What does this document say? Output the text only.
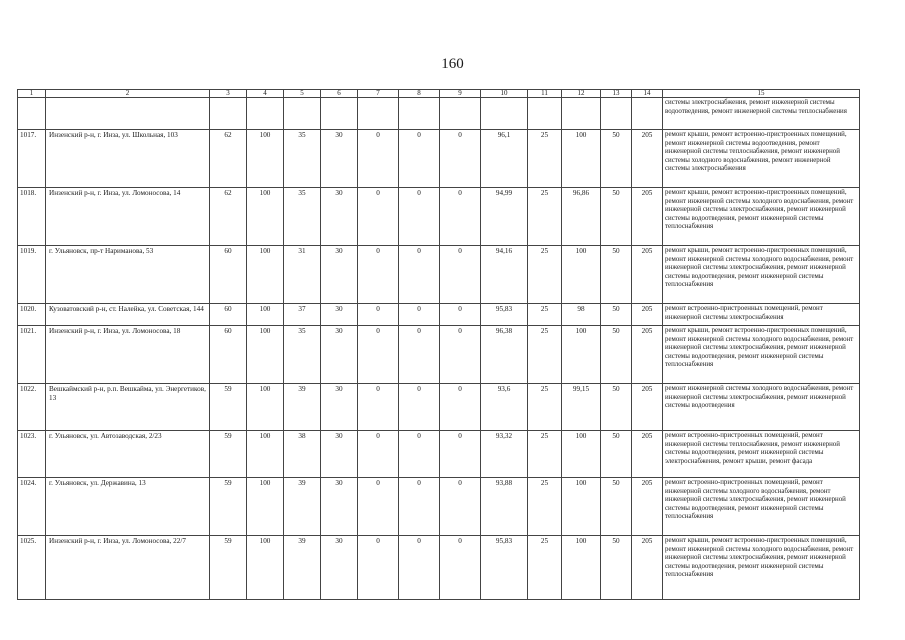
160
1	2	3	4	5	6	7	8	9	10	11	12	13	14	15
														системы электроснабжения, ремонт инженерной системы водоотведения, ремонт инженерной системы теплоснабжения
1017.	Инзенский р-н, г. Инза, ул. Школьная, 103	62	100	35	30	0	0	0	96,1	25	100	50	205	ремонт крыши, ремонт встроенно-пристроенных помещений, ремонт инженерной системы водоотведения, ремонт инженерной системы теплоснабжения, ремонт инженерной системы холодного водоснабжения, ремонт инженерной системы электроснабжения
1018.	Инзенский р-н, г. Инза, ул. Ломоносова, 14	62	100	35	30	0	0	0	94,99	25	96,86	50	205	ремонт крыши, ремонт встроенно-пристроенных помещений, ремонт инженерной системы холодного водоснабжения, ремонт инженерной системы электроснабжения, ремонт инженерной системы водоотведения, ремонт инженерной системы теплоснабжения
1019.	г. Ульяновск, пр-т Нариманова, 53	60	100	31	30	0	0	0	94,16	25	100	50	205	ремонт крыши, ремонт встроенно-пристроенных помещений, ремонт инженерной системы холодного водоснабжения, ремонт инженерной системы электроснабжения, ремонт инженерной системы водоотведения, ремонт инженерной системы теплоснабжения
1020.	Кузоватовский р-н, ст. Налейка, ул. Советская, 144	60	100	37	30	0	0	0	95,83	25	98	50	205	ремонт встроенно-пристроенных помещений, ремонт инженерной системы электроснабжения
1021.	Инзенский р-н, г. Инза, ул. Ломоносова, 18	60	100	35	30	0	0	0	96,38	25	100	50	205	ремонт крыши, ремонт встроенно-пристроенных помещений, ремонт инженерной системы холодного водоснабжения, ремонт инженерной системы электроснабжения, ремонт инженерной системы водоотведения, ремонт инженерной системы теплоснабжения
1022.	Вешкаймский р-н, р.п. Вешкайма, ул. Энергетиков, 13	59	100	39	30	0	0	0	93,6	25	99,15	50	205	ремонт инженерной системы холодного водоснабжения, ремонт инженерной системы электроснабжения, ремонт инженерной системы водоотведения
1023.	г. Ульяновск, ул. Автозаводская, 2/23	59	100	38	30	0	0	0	93,32	25	100	50	205	ремонт встроенно-пристроенных помещений, ремонт инженерной системы теплоснабжения, ремонт инженерной системы водоотведения, ремонт инженерной системы электроснабжения, ремонт крыши, ремонт фасада
1024.	г. Ульяновск, ул. Державина, 13	59	100	39	30	0	0	0	93,88	25	100	50	205	ремонт встроенно-пристроенных помещений, ремонт инженерной системы холодного водоснабжения, ремонт инженерной системы электроснабжения, ремонт инженерной системы водоотведения, ремонт инженерной системы теплоснабжения
1025.	Инзенский р-н, г. Инза, ул. Ломоносова, 22/7	59	100	39	30	0	0	0	95,83	25	100	50	205	ремонт крыши, ремонт встроенно-пристроенных помещений, ремонт инженерной системы холодного водоснабжения, ремонт инженерной системы электроснабжения, ремонт инженерной системы водоотведения, ремонт инженерной системы теплоснабжения
